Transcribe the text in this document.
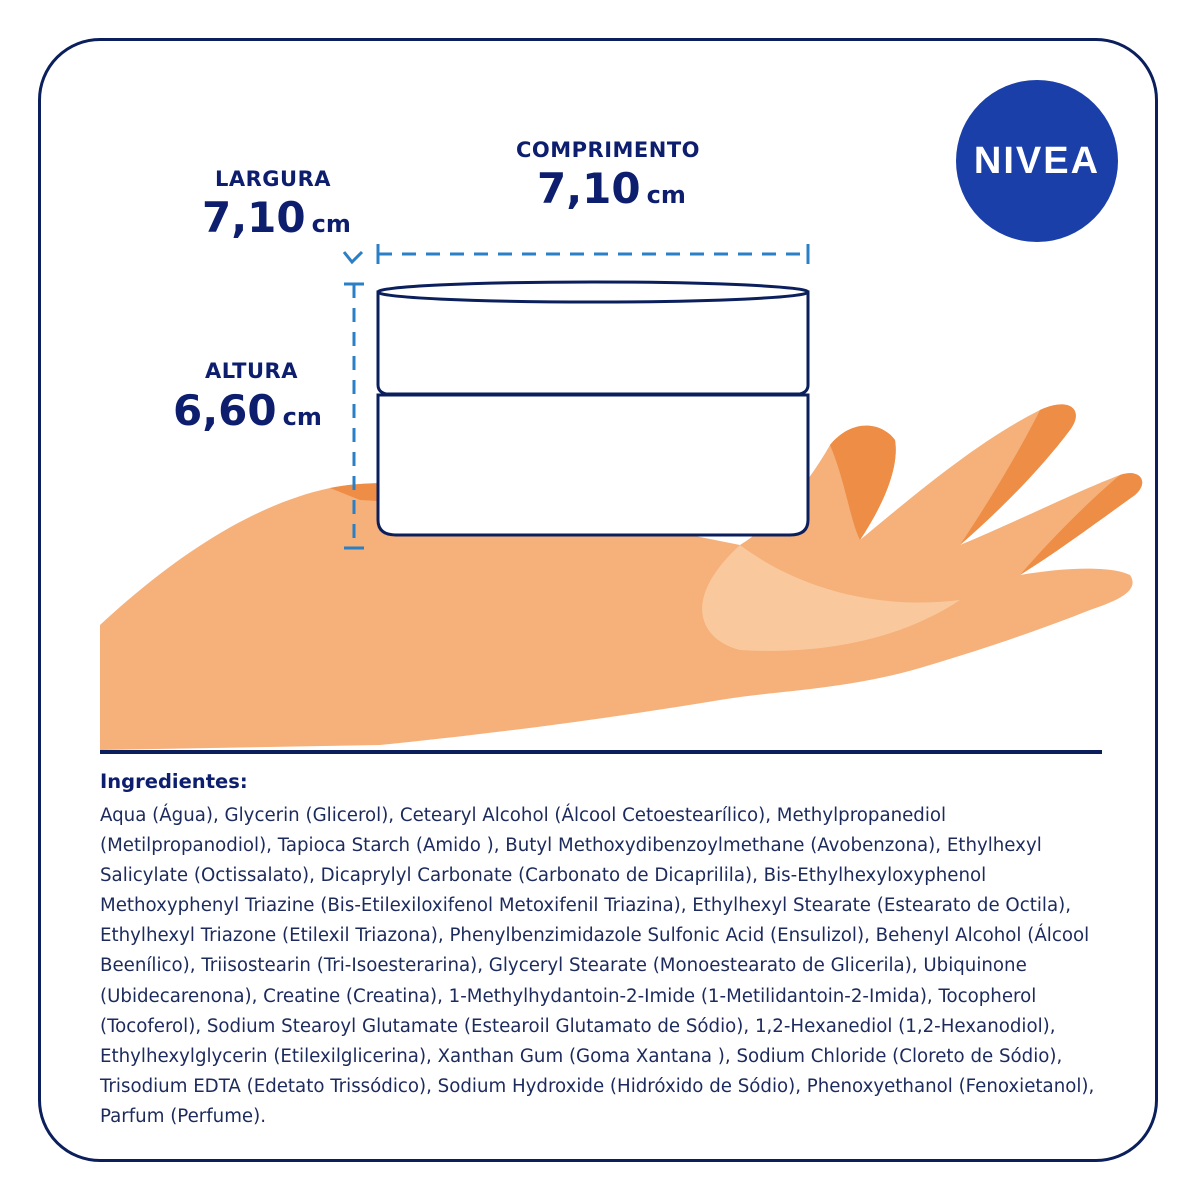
LARGURA
7,10 cm
COMPRIMENTO
7,10 cm
ALTURA
6,60 cm
NIVEA
Ingredientes:
Aqua (Água), Glycerin (Glicerol), Cetearyl Alcohol (Álcool Cetoestearílico), Methylpropanediol (Metilpropanodiol), Tapioca Starch (Amido ), Butyl Methoxydibenzoylmethane (Avobenzona), Ethylhexyl Salicylate (Octissalato), Dicaprylyl Carbonate (Carbonato de Dicaprilila), Bis-Ethylhexyloxyphenol Methoxyphenyl Triazine (Bis-Etilexiloxifenol Metoxifenil Triazina), Ethylhexyl Stearate (Estearato de Octila), Ethylhexyl Triazone (Etilexil Triazona), Phenylbenzimidazole Sulfonic Acid (Ensulizol), Behenyl Alcohol (Álcool Beenílico), Triisostearin (Tri-Isoesterarina), Glyceryl Stearate (Monoestearato de Glicerila), Ubiquinone (Ubidecarenona), Creatine (Creatina), 1-Methylhydantoin-2-Imide (1-Metilidantoin-2-Imida), Tocopherol (Tocoferol), Sodium Stearoyl Glutamate (Estearoil Glutamato de Sódio), 1,2-Hexanediol (1,2-Hexanodiol), Ethylhexylglycerin (Etilexilglicerina), Xanthan Gum (Goma Xantana ), Sodium Chloride (Cloreto de Sódio), Trisodium EDTA (Edetato Trissódico), Sodium Hydroxide (Hidróxido de Sódio), Phenoxyethanol (Fenoxietanol), Parfum (Perfume).
